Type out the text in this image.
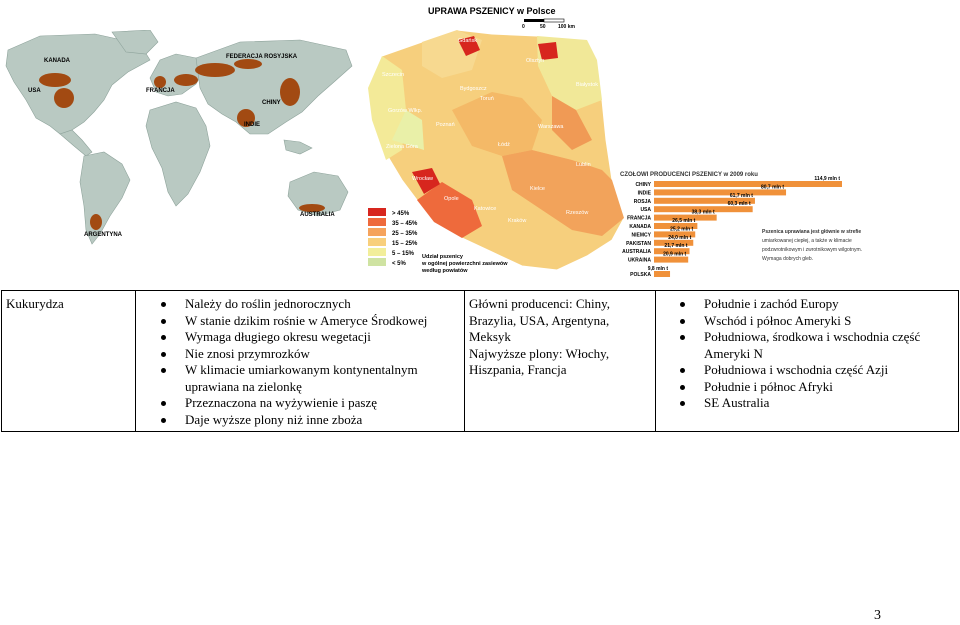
KANADA
FEDERACJA ROSYJSKA
USA	FRANCJA
CHINY
INDIE
AUSTRALIA
ARGENTYNA
UPRAWA PSZENICY w Polsce
0	50 100 km
Gdańsk
Olsztyn
Białystok
Szczecin
Bydgoszcz
Toruń
Gorzów Wlkp.
Poznań	Warszawa
Łódź
Zielona Góra
Wrocław
Lublin
Kielce
Opole
Katowice
Kraków
Rzeszów
> 45%
35 – 45%
25 – 35%
15 – 25%
5 – 15%
< 5%
Udział pszenicy
w ogólnej powierzchni zasiewów
według powiatów
CZOŁOWI PRODUCENCI PSZENICY w 2009 roku
CHINY
114,9 mln t
INDIE
80,7 mln t
ROSJA
61,7 mln t
USA
60,3 mln t
FRANCJA
38,3 mln t
KANADA
26,5 mln t
NIEMCY
25,2 mln t
PAKISTAN
24,0 mln t
AUSTRALIA
21,7 mln t
UKRAINA
20,9 mln t
POLSKA
9,8 mln t
Pszenica uprawiana jest głównie w strefie
umiarkowanej ciepłej, a także w klimacie
podzwrotnikowym i zwrotnikowym wilgotnym.
Wymaga dobrych gleb.
Kukurydza	Należy do roślin jednorocznych
W stanie dzikim rośnie w Ameryce Środkowej
Wymaga długiego okresu wegetacji
Nie znosi przymrozków
W klimacie umiarkowanym kontynentalnym uprawiana na zielonkę
Przeznaczona na wyżywienie i paszę
Daje wyższe plony niż inne zboża

Główni producenci: Chiny, Brazylia, USA, Argentyna, Meksyk
Najwyższe plony: Włochy, Hiszpania, Francja

Południe i zachód Europy
Wschód i północ Ameryki S
Południowa, środkowa i wschodnia część Ameryki N
Południowa i wschodnia część Azji
Południe i północ Afryki
SE Australia
3
